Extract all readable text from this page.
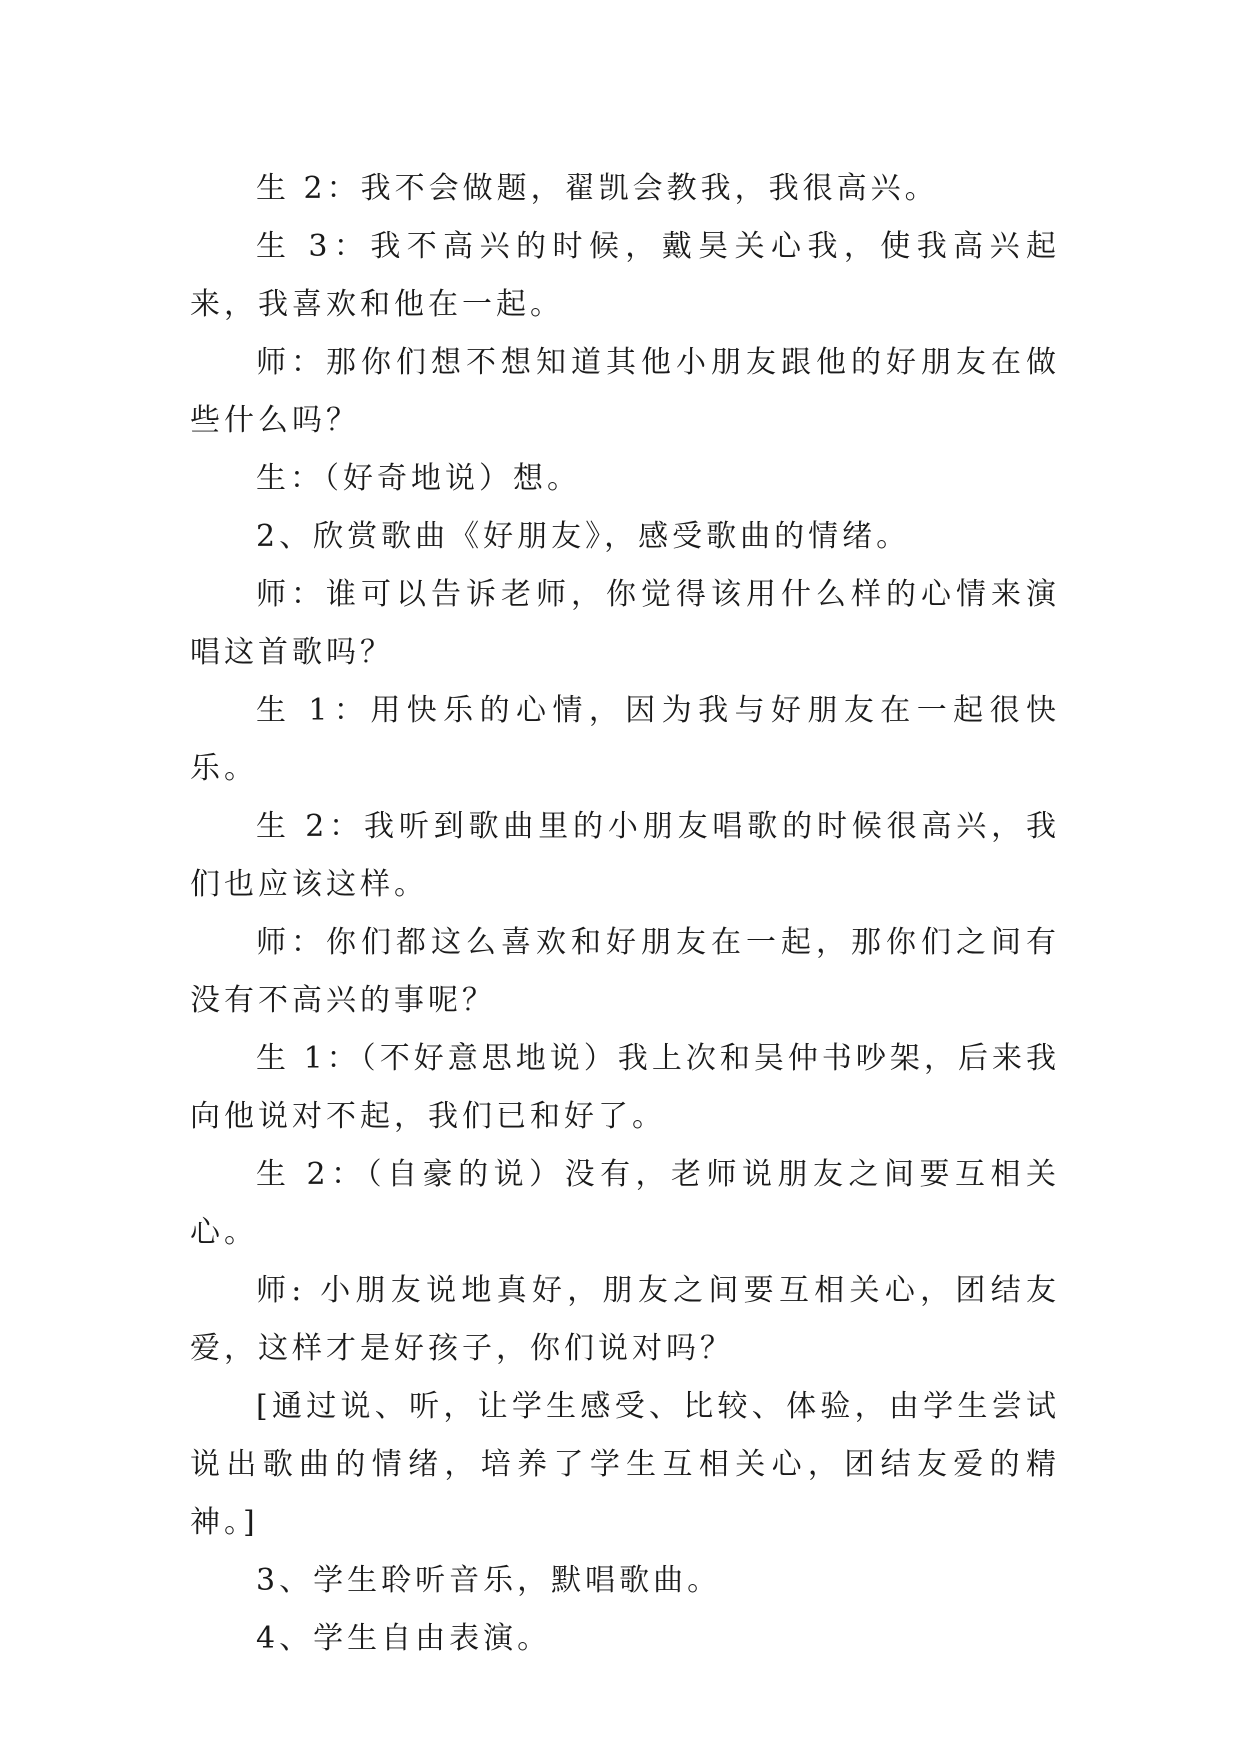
生 2：我不会做题，翟凯会教我，我很高兴。

生 3：我不高兴的时候，戴昊关心我，使我高兴起来，我喜欢和他在一起。

师：那你们想不想知道其他小朋友跟他的好朋友在做些什么吗？

生：（好奇地说）想。

2、欣赏歌曲《好朋友》，感受歌曲的情绪。

师：谁可以告诉老师，你觉得该用什么样的心情来演唱这首歌吗？

生 1：用快乐的心情，因为我与好朋友在一起很快乐。

生 2：我听到歌曲里的小朋友唱歌的时候很高兴，我们也应该这样。

师：你们都这么喜欢和好朋友在一起，那你们之间有没有不高兴的事呢？

生 1：（不好意思地说）我上次和吴仲书吵架，后来我向他说对不起，我们已和好了。

生 2：（自豪的说）没有，老师说朋友之间要互相关心。

师: 小朋友说地真好，朋友之间要互相关心，团结友爱，这样才是好孩子，你们说对吗？

[通过说、听，让学生感受、比较、体验，由学生尝试说出歌曲的情绪，培养了学生互相关心，团结友爱的精神。]

3、学生聆听音乐，默唱歌曲。

4、学生自由表演。
